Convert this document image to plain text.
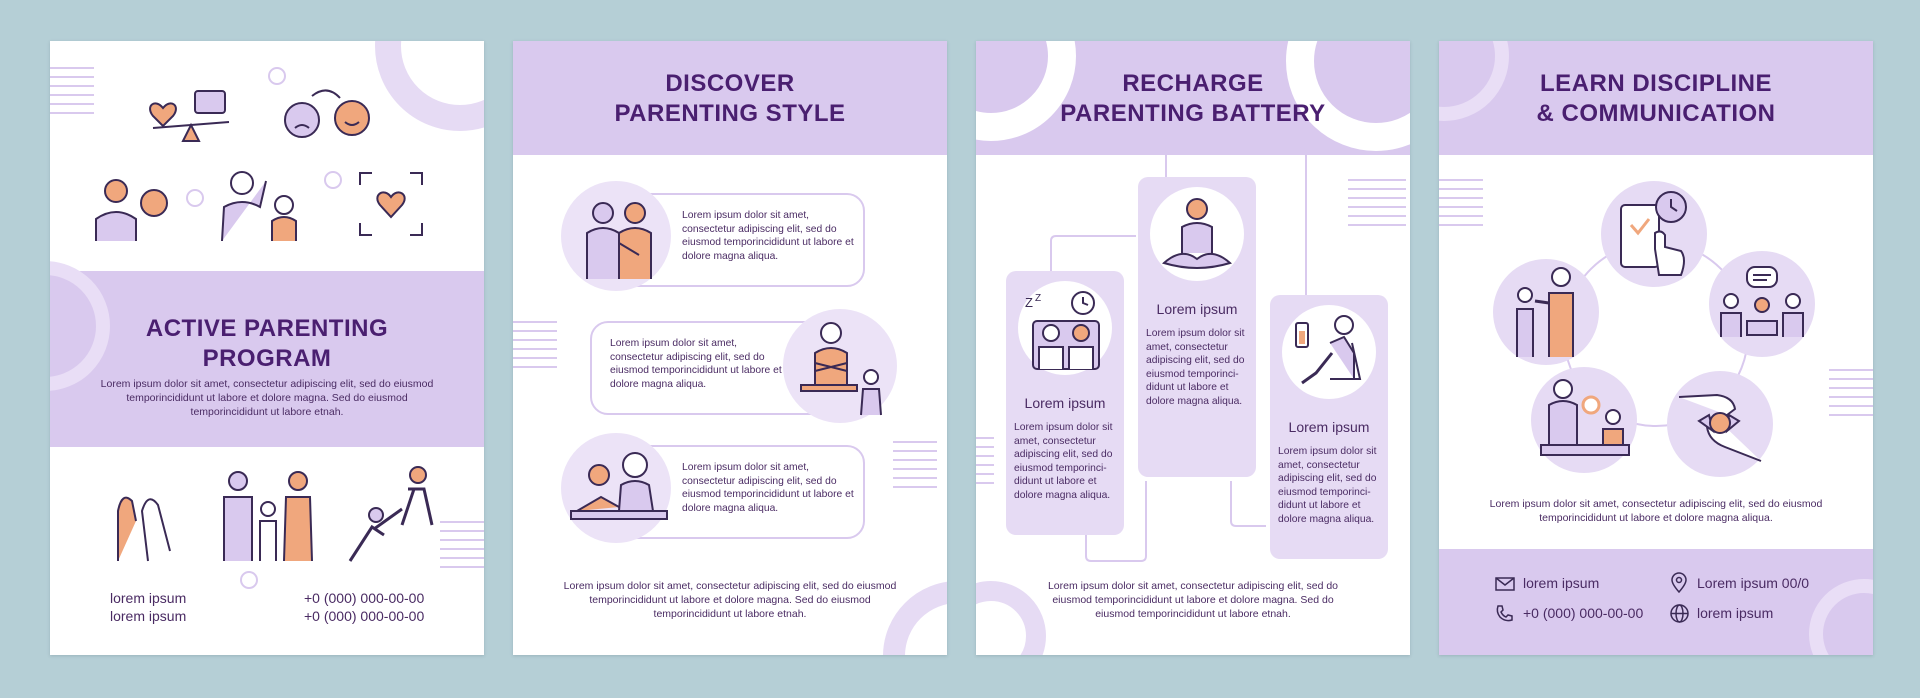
ACTIVE PARENTING
PROGRAM
Lorem ipsum dolor sit amet, consectetur adipiscing elit, sed do eiusmod temporincididunt ut labore et dolore magna. Sed do eiusmod temporincididunt ut labore etnah.
lorem ipsum
lorem ipsum
+0 (000) 000-00-00
+0 (000) 000-00-00
DISCOVER
PARENTING STYLE
Lorem ipsum dolor sit amet, consectetur adipiscing elit, sed do eiusmod temporincididunt ut labore et dolore magna aliqua.
Lorem ipsum dolor sit amet, consectetur adipiscing elit, sed do eiusmod temporincididunt ut labore et dolore magna aliqua.
Lorem ipsum dolor sit amet, consectetur adipiscing elit, sed do eiusmod temporincididunt ut labore et dolore magna aliqua.
Lorem ipsum dolor sit amet, consectetur adipiscing elit, sed do eiusmod temporincididunt ut labore et dolore magna. Sed do eiusmod temporincididunt ut labore etnah.
RECHARGE
PARENTING BATTERY
Z Z
Lorem ipsum
Lorem ipsum dolor sit amet, consectetur adipiscing elit, sed do eiusmod temporincididunt ut labore et dolore magna aliqua.
Lorem ipsum
Lorem ipsum dolor sit amet, consectetur adipiscing elit, sed do eiusmod temporincididunt ut labore et dolore magna aliqua.
Lorem ipsum
Lorem ipsum dolor sit amet, consectetur adipiscing elit, sed do eiusmod temporincididunt ut labore et dolore magna aliqua.
Lorem ipsum dolor sit amet, consectetur adipiscing elit, sed do eiusmod temporincididunt ut labore et dolore magna. Sed do eiusmod temporincididunt ut labore etnah.
LEARN DISCIPLINE
& COMMUNICATION
Lorem ipsum dolor sit amet, consectetur adipiscing elit, sed do eiusmod temporincididunt ut labore et dolore magna aliqua.
lorem ipsum
+0 (000) 000-00-00
Lorem ipsum 00/0
lorem ipsum
